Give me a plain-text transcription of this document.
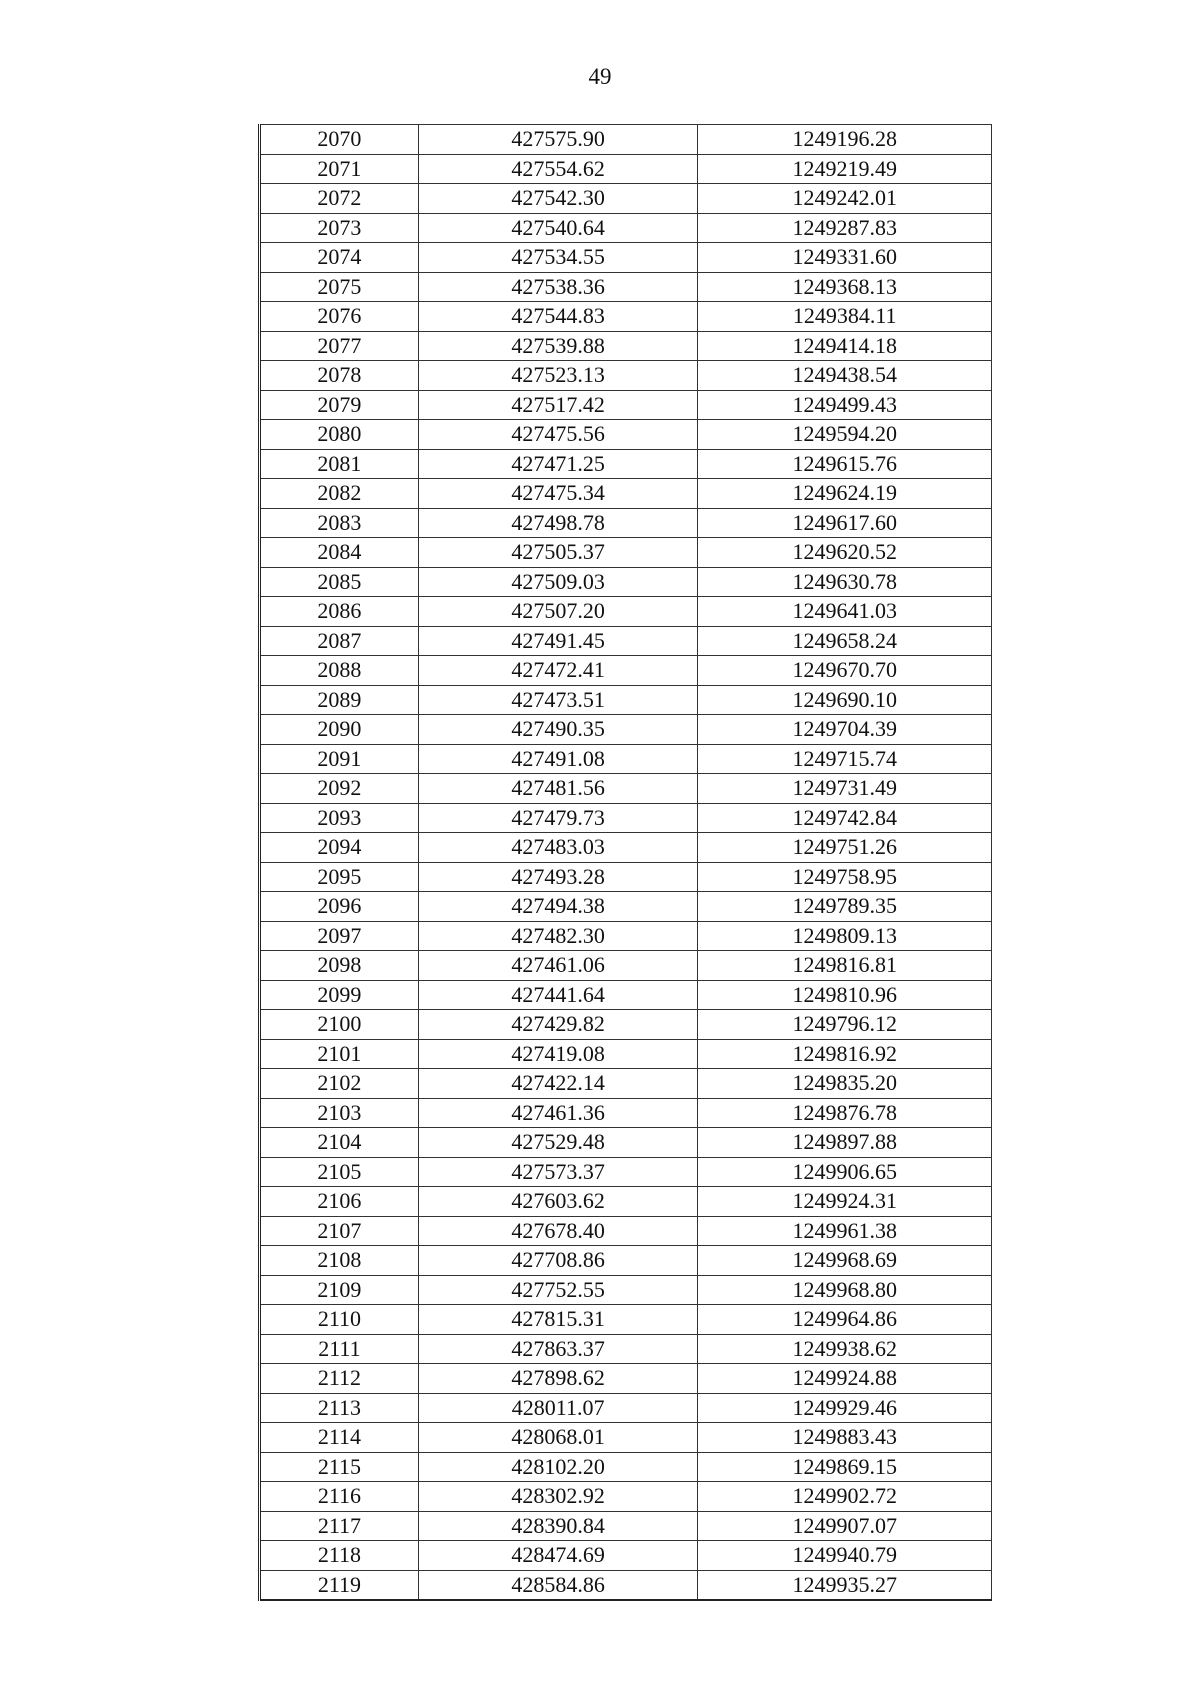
49
2070	427575.90	1249196.28
2071	427554.62	1249219.49
2072	427542.30	1249242.01
2073	427540.64	1249287.83
2074	427534.55	1249331.60
2075	427538.36	1249368.13
2076	427544.83	1249384.11
2077	427539.88	1249414.18
2078	427523.13	1249438.54
2079	427517.42	1249499.43
2080	427475.56	1249594.20
2081	427471.25	1249615.76
2082	427475.34	1249624.19
2083	427498.78	1249617.60
2084	427505.37	1249620.52
2085	427509.03	1249630.78
2086	427507.20	1249641.03
2087	427491.45	1249658.24
2088	427472.41	1249670.70
2089	427473.51	1249690.10
2090	427490.35	1249704.39
2091	427491.08	1249715.74
2092	427481.56	1249731.49
2093	427479.73	1249742.84
2094	427483.03	1249751.26
2095	427493.28	1249758.95
2096	427494.38	1249789.35
2097	427482.30	1249809.13
2098	427461.06	1249816.81
2099	427441.64	1249810.96
2100	427429.82	1249796.12
2101	427419.08	1249816.92
2102	427422.14	1249835.20
2103	427461.36	1249876.78
2104	427529.48	1249897.88
2105	427573.37	1249906.65
2106	427603.62	1249924.31
2107	427678.40	1249961.38
2108	427708.86	1249968.69
2109	427752.55	1249968.80
2110	427815.31	1249964.86
2111	427863.37	1249938.62
2112	427898.62	1249924.88
2113	428011.07	1249929.46
2114	428068.01	1249883.43
2115	428102.20	1249869.15
2116	428302.92	1249902.72
2117	428390.84	1249907.07
2118	428474.69	1249940.79
2119	428584.86	1249935.27
